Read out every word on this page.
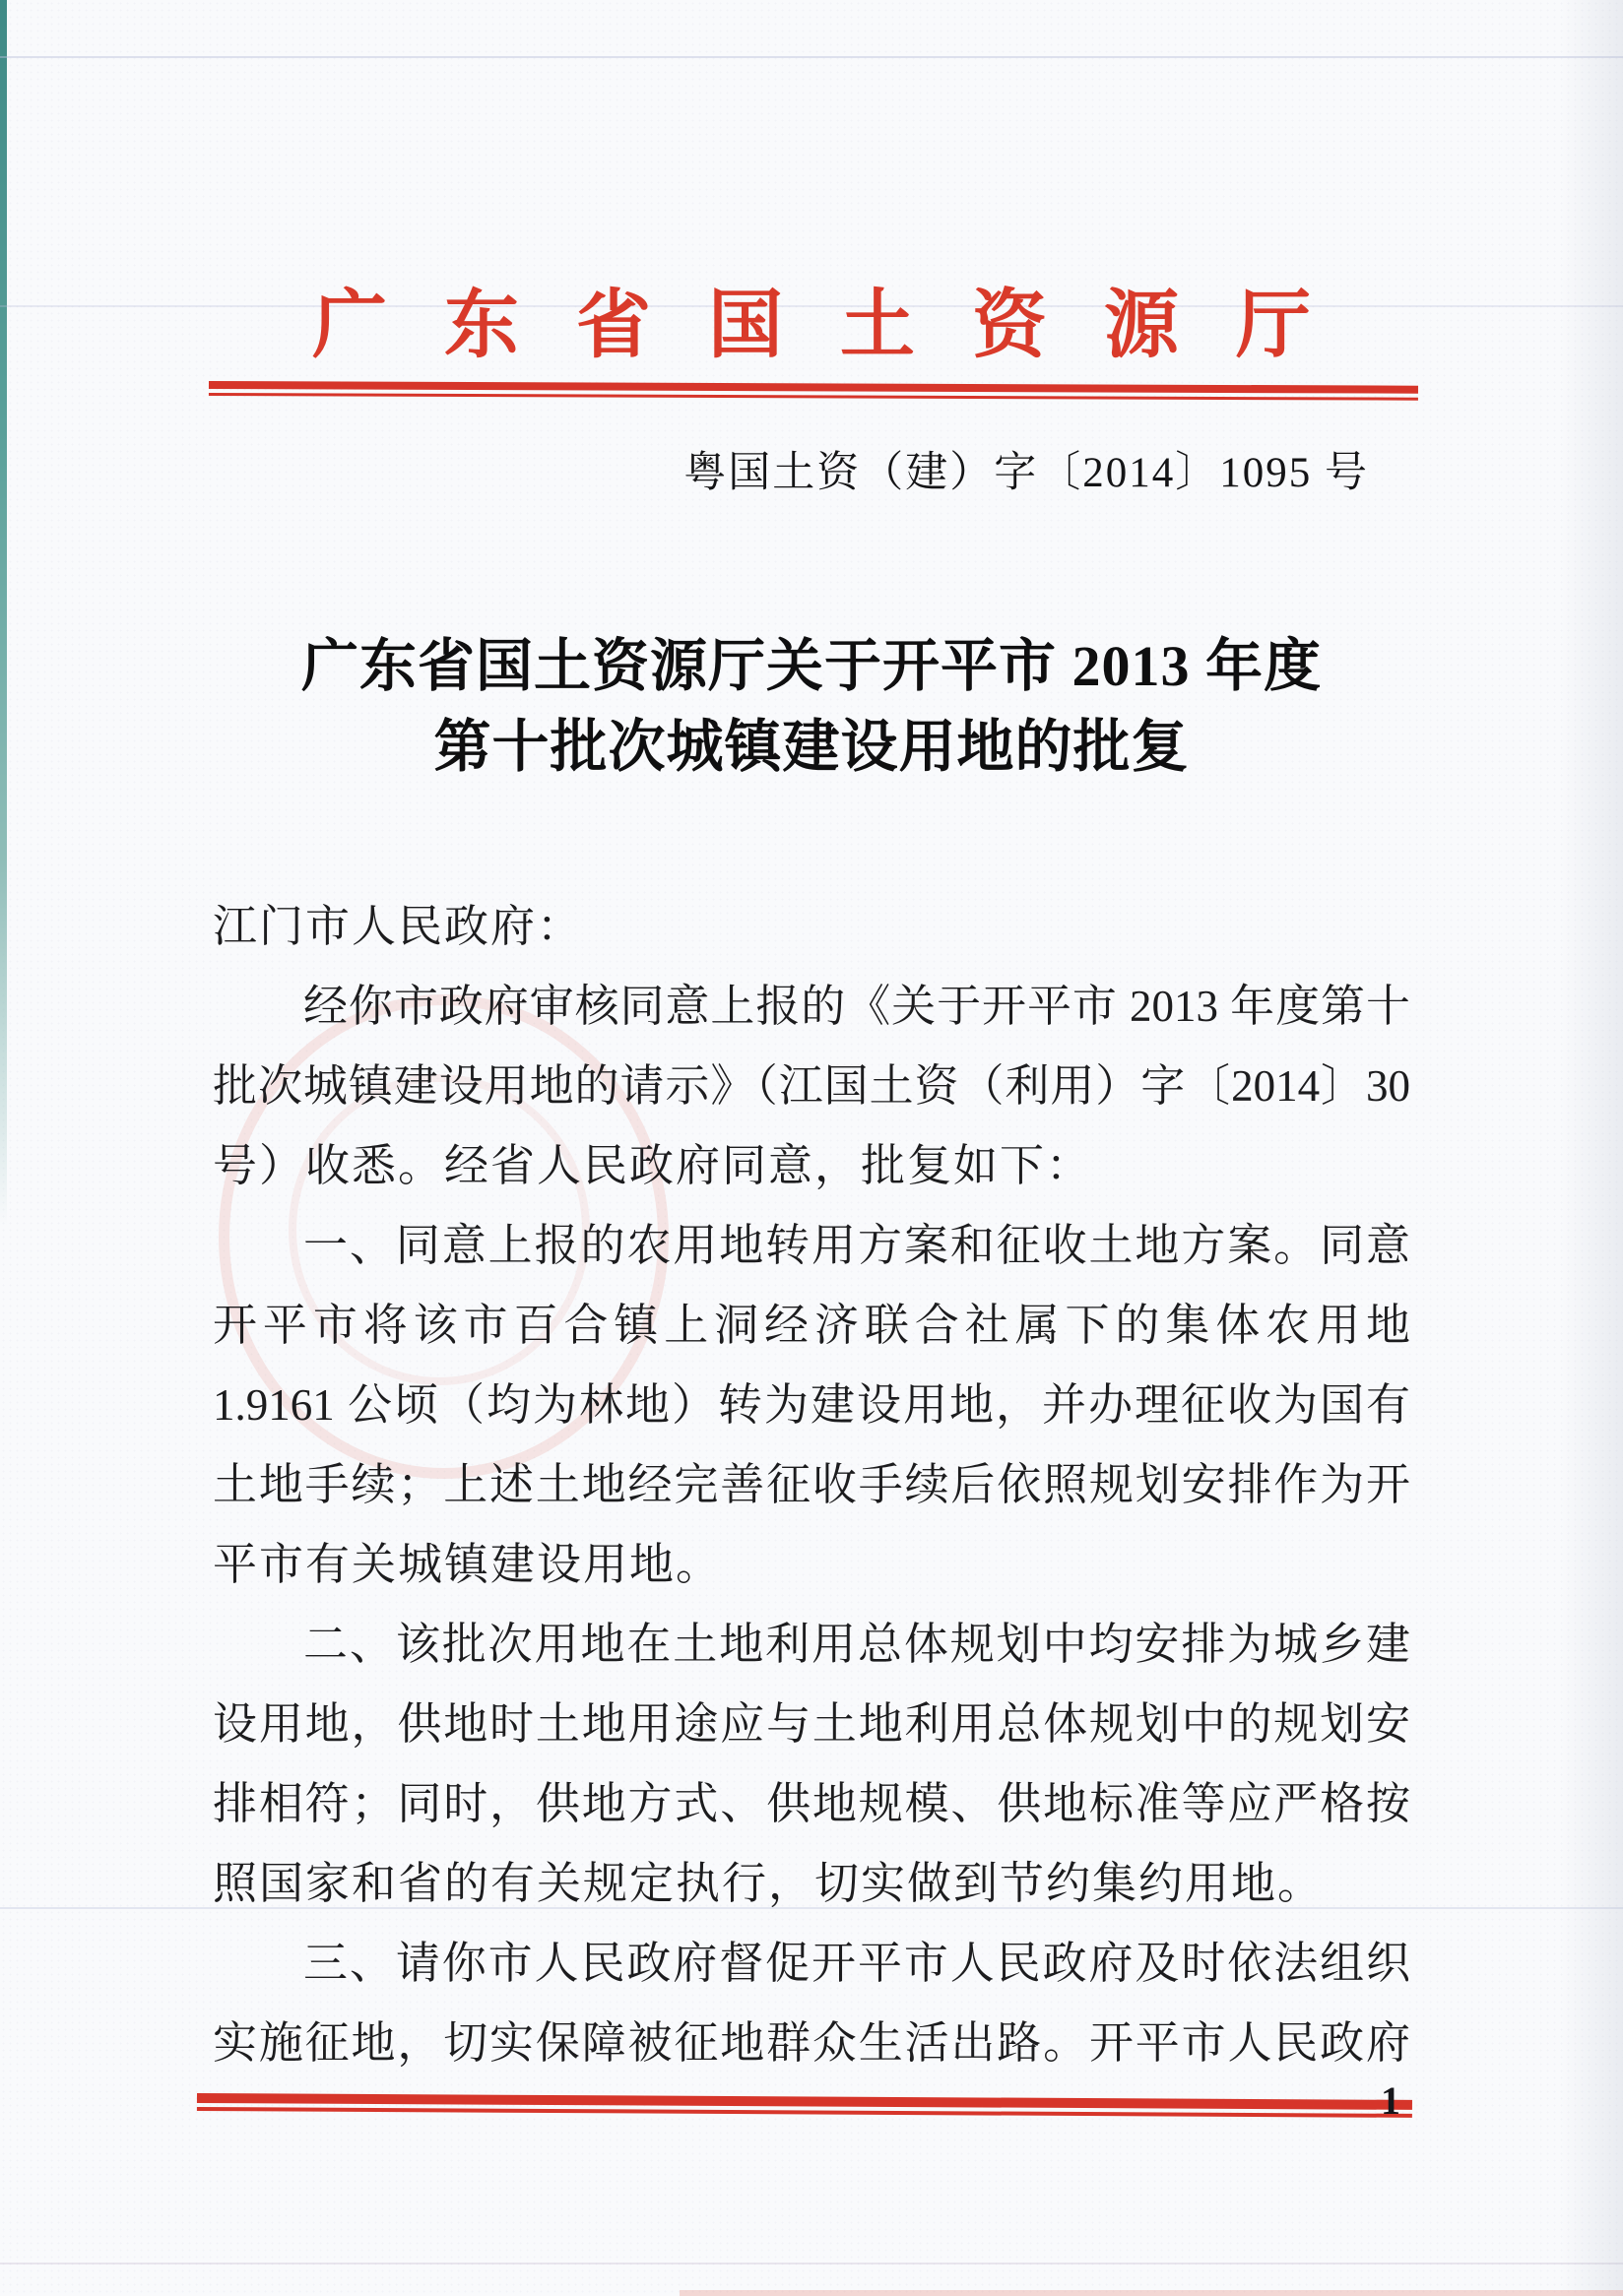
广东省国土资源厅
粤国土资（建）字〔2014〕1095 号
广东省国土资源厅关于开平市 2013 年度
第十批次城镇建设用地的批复
江门市人民政府：
经你市政府审核同意上报的《关于开平市 2013 年度第十
批次城镇建设用地的请示》（江国土资（利用）字〔2014〕30
号）收悉。经省人民政府同意，批复如下：
一、同意上报的农用地转用方案和征收土地方案。同意
开平市将该市百合镇上洞经济联合社属下的集体农用地
1.9161 公顷（均为林地）转为建设用地，并办理征收为国有
土地手续；上述土地经完善征收手续后依照规划安排作为开
平市有关城镇建设用地。
二、该批次用地在土地利用总体规划中均安排为城乡建
设用地，供地时土地用途应与土地利用总体规划中的规划安
排相符；同时，供地方式、供地规模、供地标准等应严格按
照国家和省的有关规定执行，切实做到节约集约用地。
三、请你市人民政府督促开平市人民政府及时依法组织
实施征地，切实保障被征地群众生活出路。开平市人民政府
1
